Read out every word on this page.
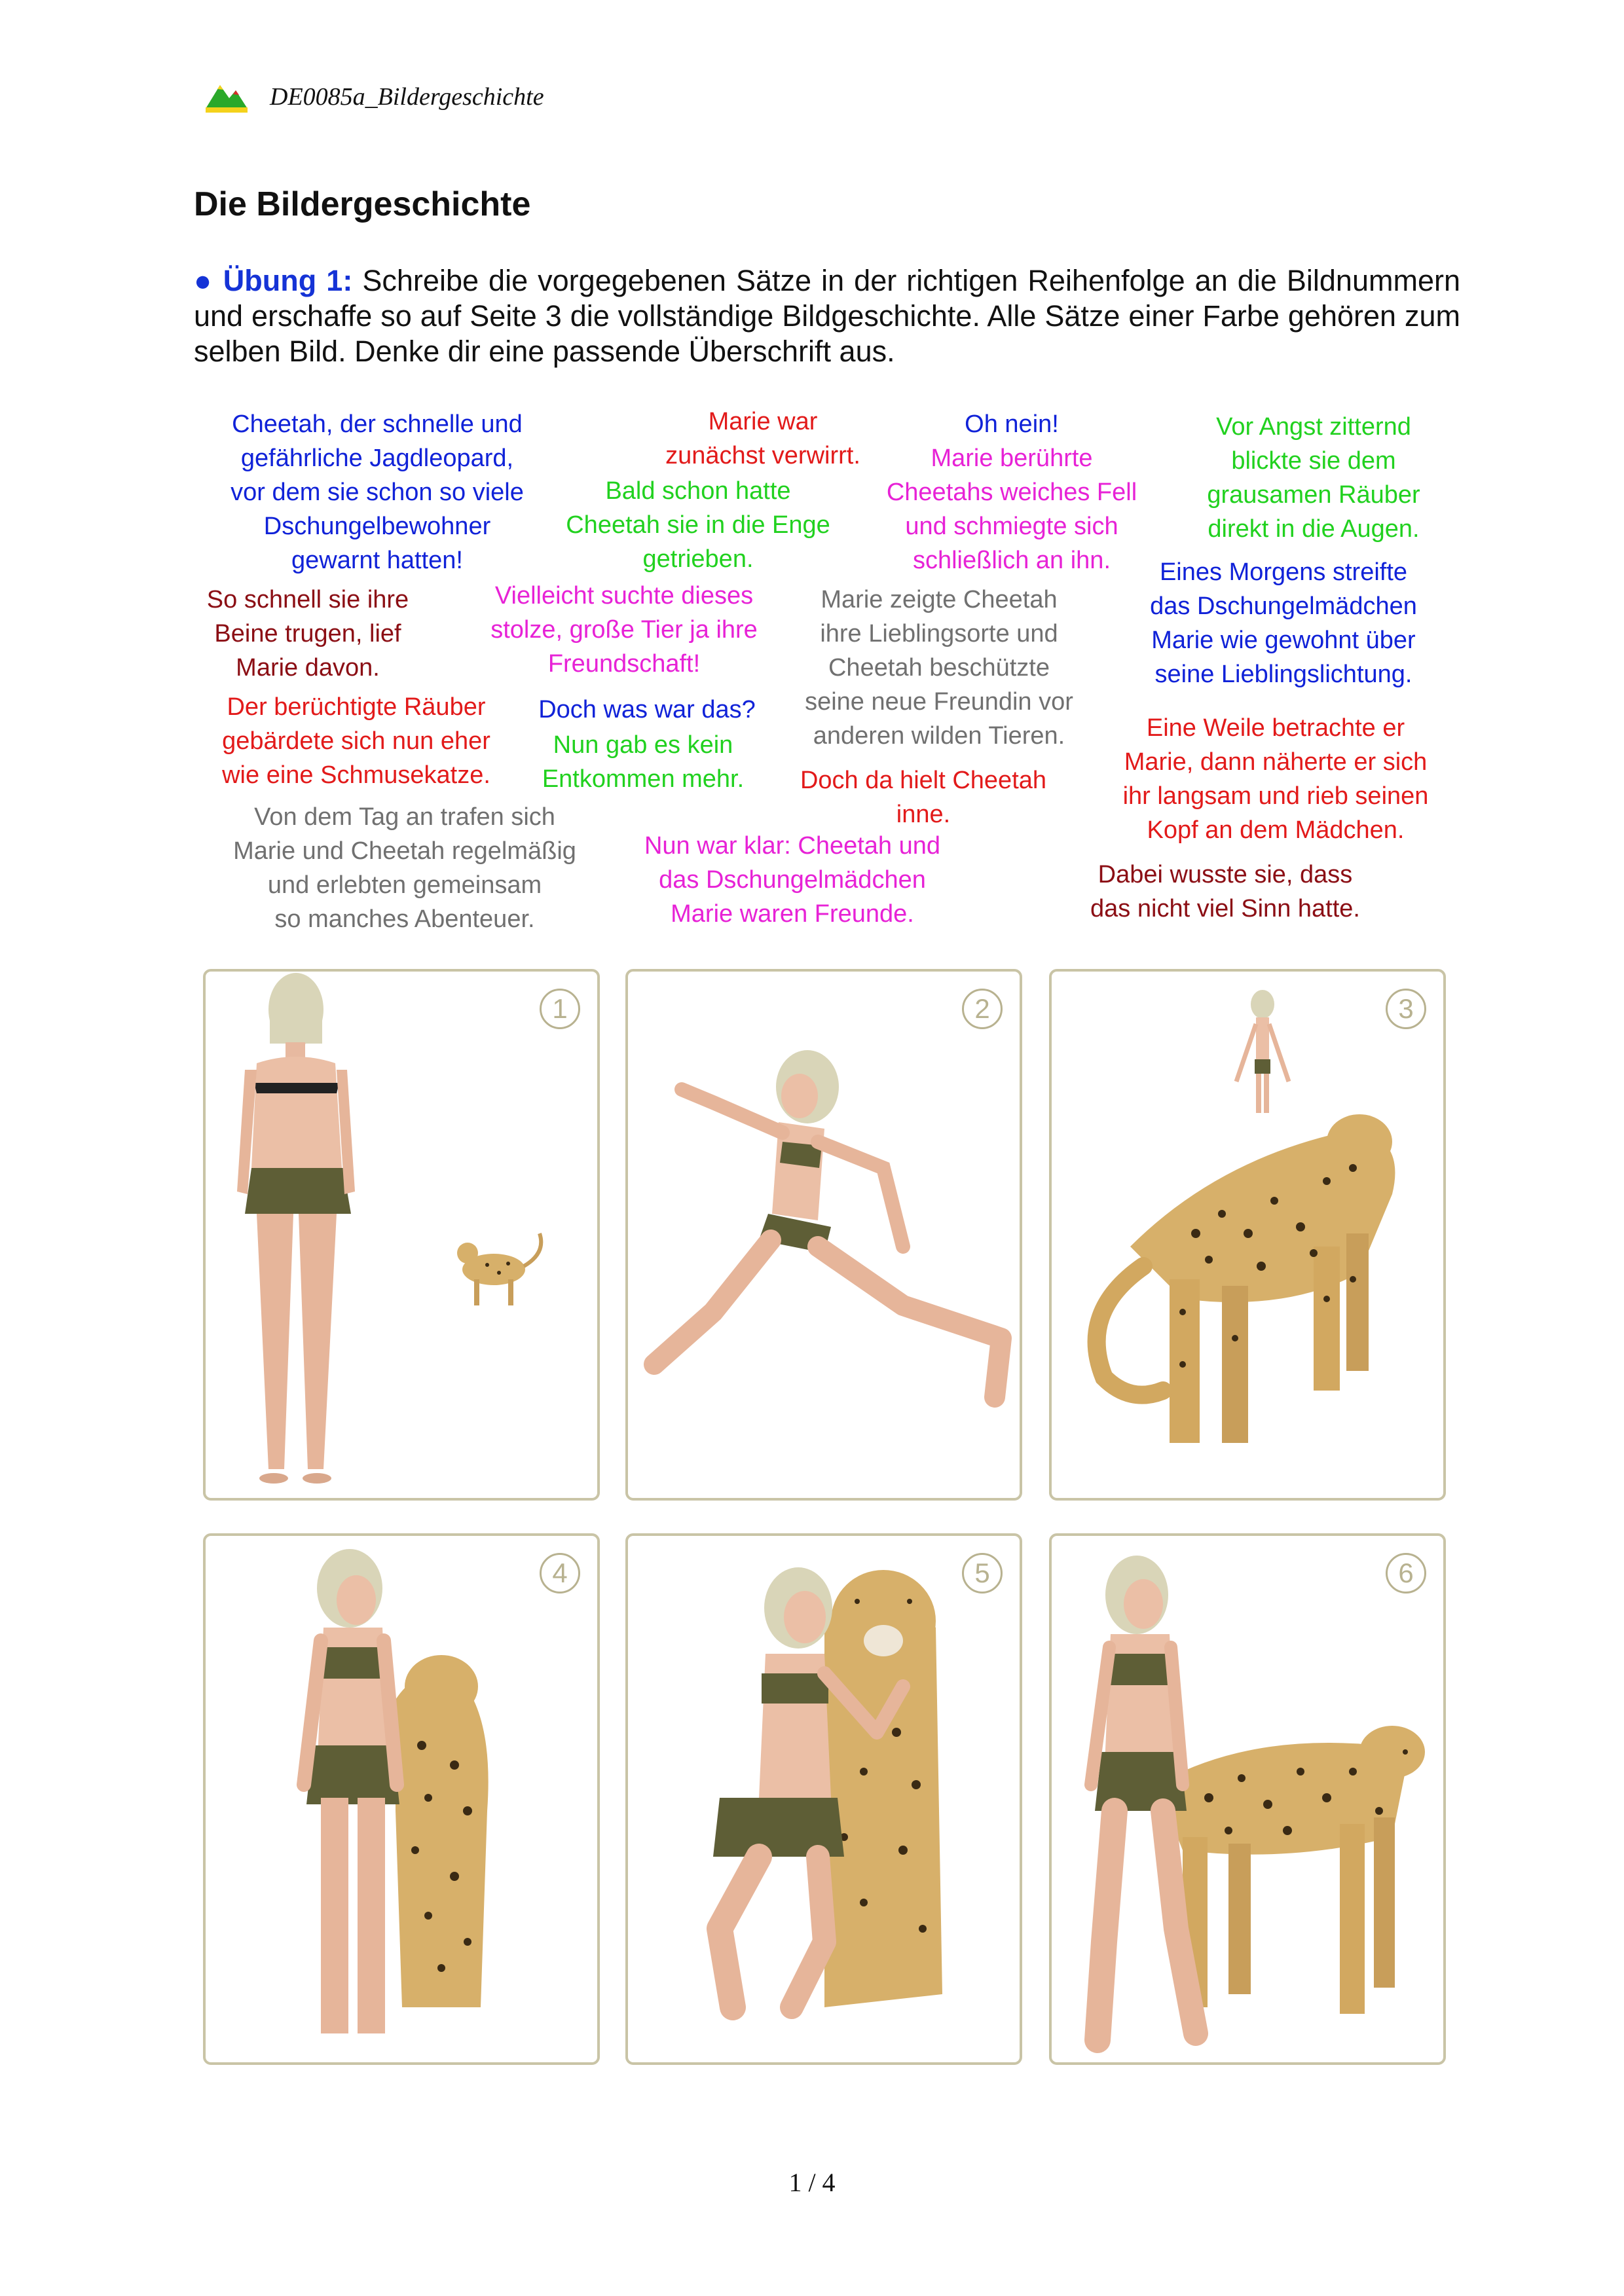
DE0085a_Bildergeschichte
Die Bildergeschichte
● Übung 1: Schreibe die vorgegebenen Sätze in der richtigen Reihenfolge an die Bildnummern und erschaffe so auf Seite 3 die vollständige Bildgeschichte. Alle Sätze einer Farbe gehören zum selben Bild. Denke dir eine passende Überschrift aus.
Cheetah, der schnelle und
gefährliche Jagdleopard,
vor dem sie schon so viele
Dschungelbewohner
gewarnt hatten!
Marie war
zunächst verwirrt.
Oh nein!	Vor Angst zitternd
blickte sie dem
grausamen Räuber
direkt in die Augen.
Bald schon hatte
Cheetah sie in die Enge
getrieben.
Marie berührte
Cheetahs weiches Fell
und schmiegte sich
schließlich an ihn.	Eines Morgens streifte
das Dschungelmädchen
Marie wie gewohnt über
seine Lieblingslichtung.
So schnell sie ihre
Beine trugen, lief
Marie davon.
Vielleicht suchte dieses
stolze, große Tier ja ihre
Freundschaft!
Marie zeigte Cheetah
ihre Lieblingsorte und
Cheetah beschützte
seine neue Freundin vor
anderen wilden Tieren.
Der berüchtigte Räuber
gebärdete sich nun eher
wie eine Schmusekatze.
Doch was war das?
Nun gab es kein
Entkommen mehr. Doch da hielt Cheetah
inne.
Eine Weile betrachte er
Marie, dann näherte er sich
ihr langsam und rieb seinen
Kopf an dem Mädchen.
Von dem Tag an trafen sich
Marie und Cheetah regelmäßig
und erlebten gemeinsam
so manches Abenteuer.
Nun war klar: Cheetah und
das Dschungelmädchen
Marie waren Freunde.
Dabei wusste sie, dass
das nicht viel Sinn hatte.
1	2	3
4	5	6
1 / 4
